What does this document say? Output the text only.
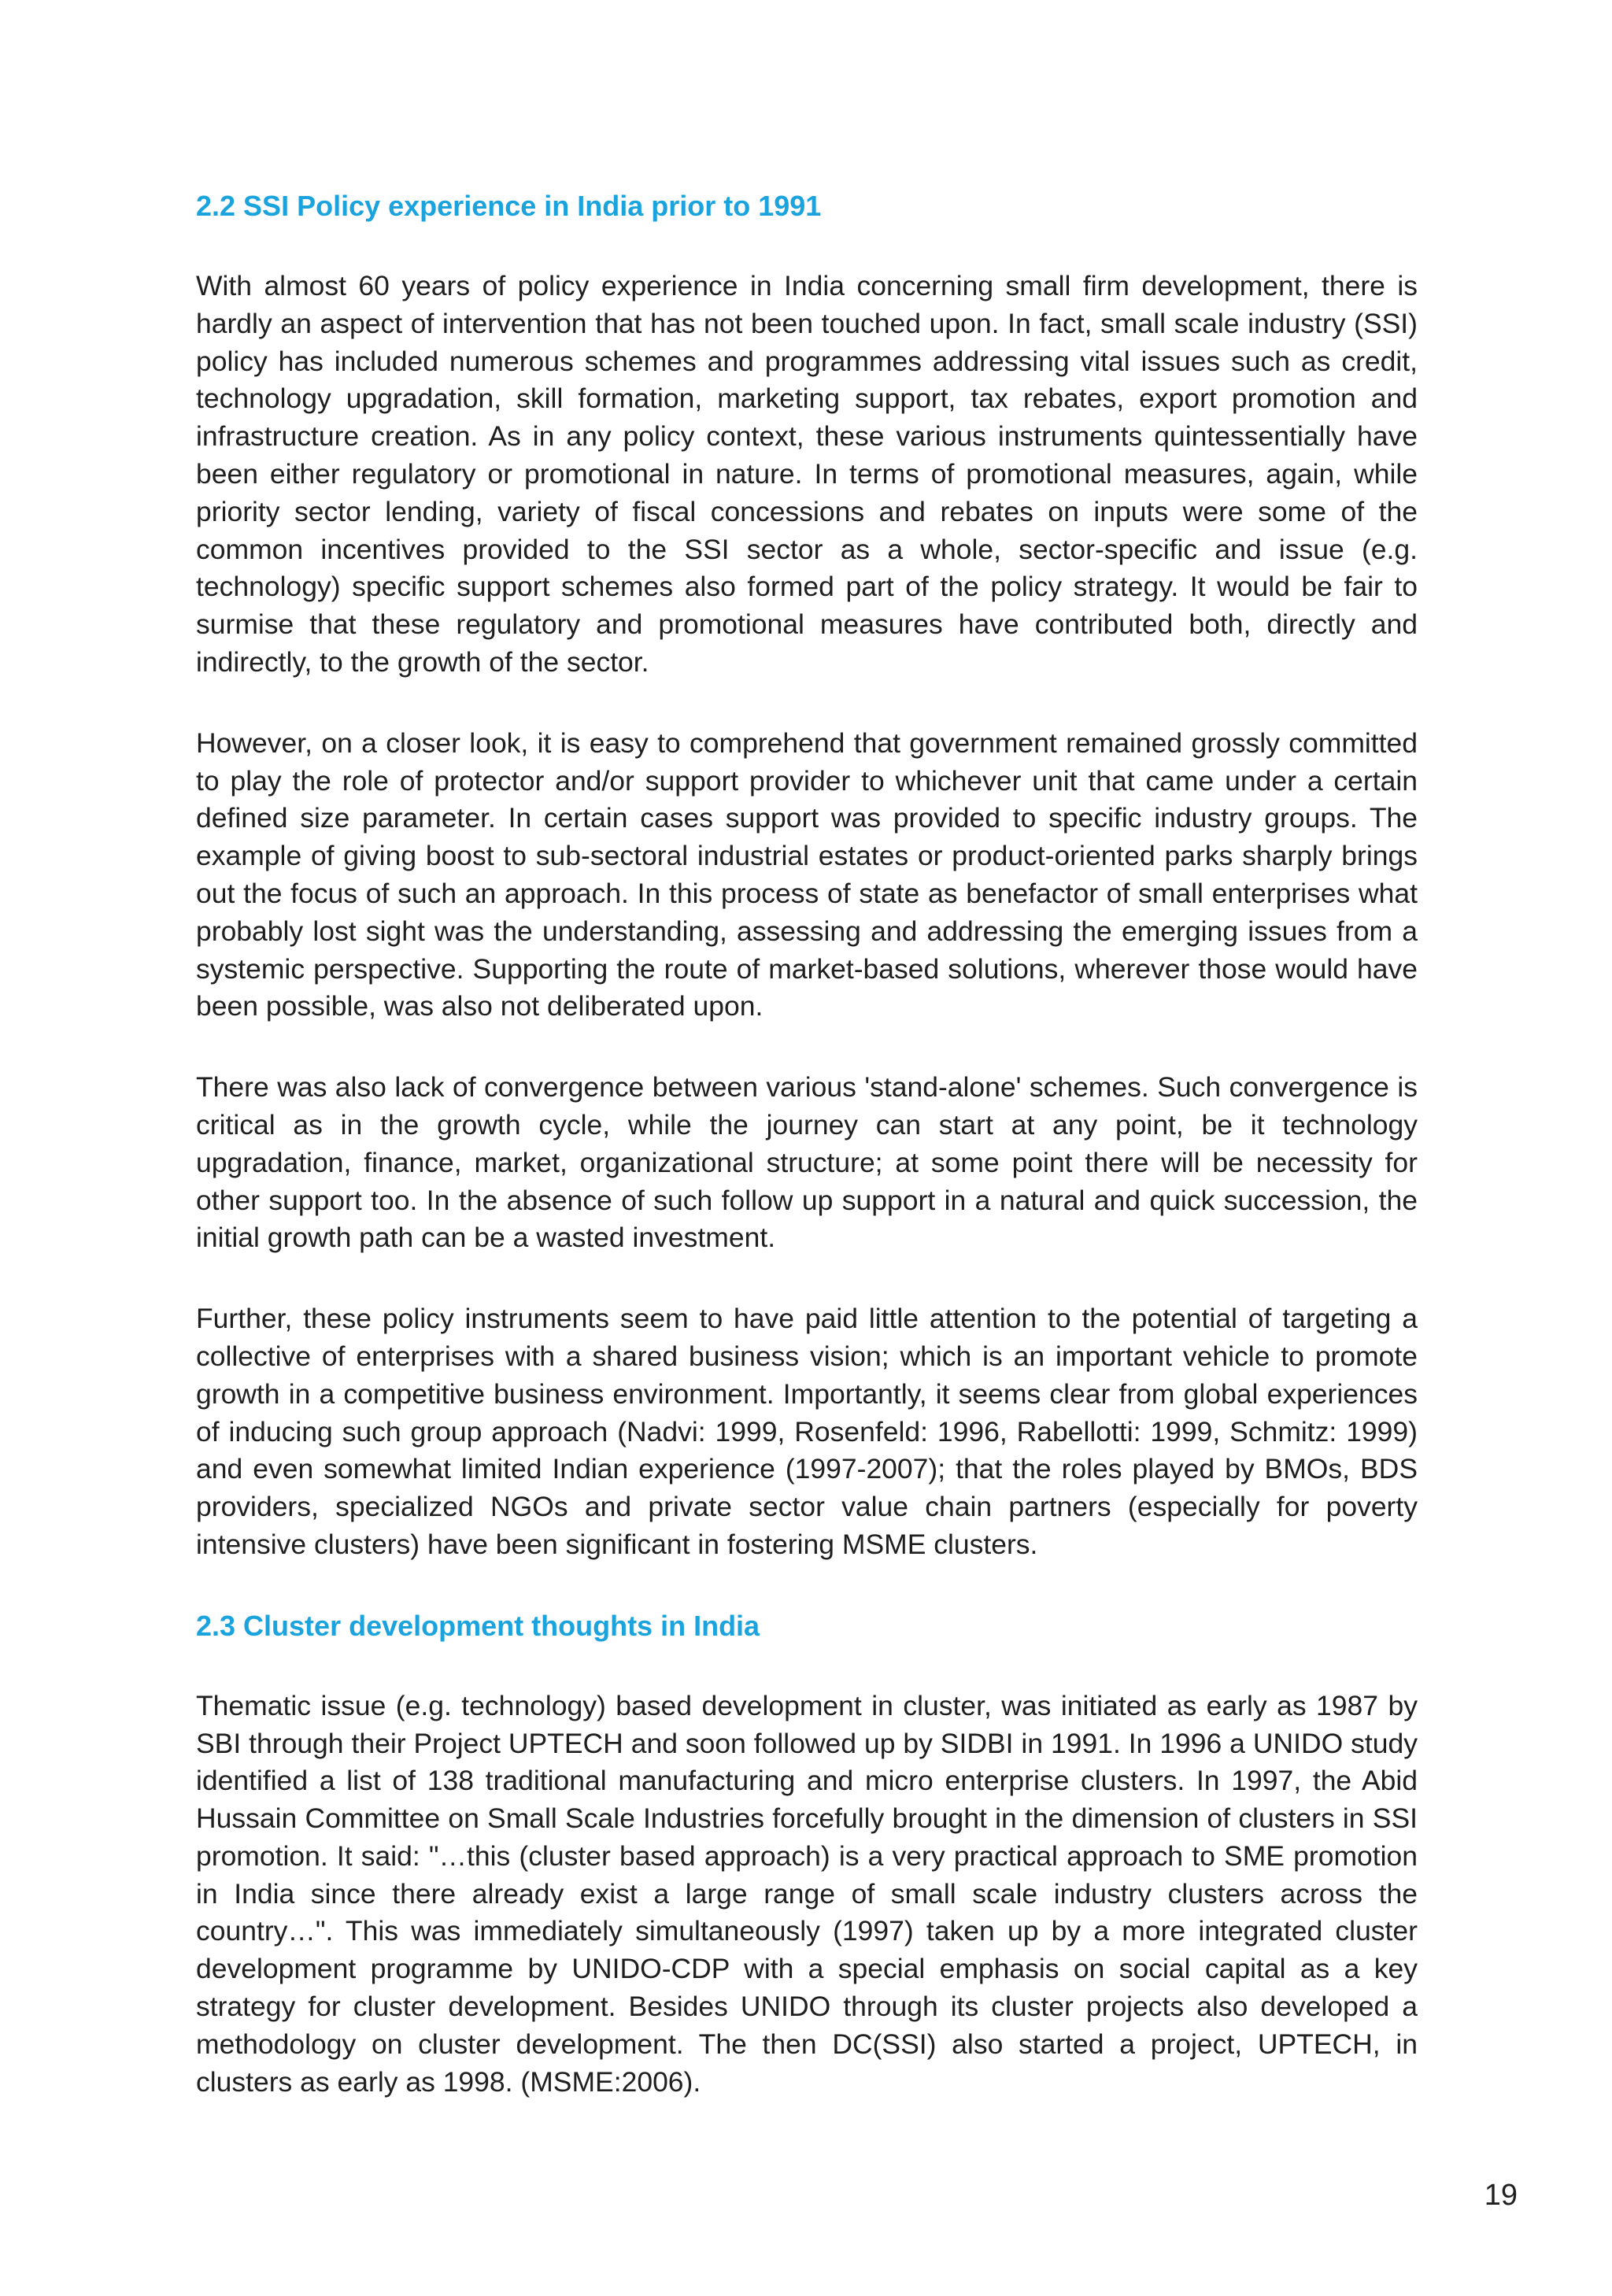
2.2 SSI Policy experience in India prior to 1991

With almost 60 years of policy experience in India concerning small firm development, there is hardly an aspect of intervention that has not been touched upon. In fact, small scale industry (SSI) policy has included numerous schemes and programmes addressing vital issues such as credit, technology upgradation, skill formation, marketing support, tax rebates, export promotion and infrastructure creation. As in any policy context, these various instruments quintessentially have been either regulatory or promotional in nature. In terms of promotional measures, again, while priority sector lending, variety of fiscal concessions and rebates on inputs were some of the common incentives provided to the SSI sector as a whole, sector-specific and issue (e.g. technology) specific support schemes also formed part of the policy strategy. It would be fair to surmise that these regulatory and promotional measures have contributed both, directly and indirectly, to the growth of the sector.

However, on a closer look, it is easy to comprehend that government remained grossly committed to play the role of protector and/or support provider to whichever unit that came under a certain defined size parameter. In certain cases support was provided to specific industry groups. The example of giving boost to sub-sectoral industrial estates or product-oriented parks sharply brings out the focus of such an approach. In this process of state as benefactor of small enterprises what probably lost sight was the understanding, assessing and addressing the emerging issues from a systemic perspective. Supporting the route of market-based solutions, wherever those would have been possible, was also not deliberated upon.

There was also lack of convergence between various 'stand-alone' schemes. Such convergence is critical as in the growth cycle, while the journey can start at any point, be it technology upgradation, finance, market, organizational structure; at some point there will be necessity for other support too. In the absence of such follow up support in a natural and quick succession, the initial growth path can be a wasted investment.

Further, these policy instruments seem to have paid little attention to the potential of targeting a collective of enterprises with a shared business vision; which is an important vehicle to promote growth in a competitive business environment. Importantly, it seems clear from global experiences of inducing such group approach (Nadvi: 1999, Rosenfeld: 1996, Rabellotti: 1999, Schmitz: 1999) and even somewhat limited Indian experience (1997-2007); that the roles played by BMOs, BDS providers, specialized NGOs and private sector value chain partners (especially for poverty intensive clusters) have been significant in fostering MSME clusters.

2.3 Cluster development thoughts in India

Thematic issue (e.g. technology) based development in cluster, was initiated as early as 1987 by SBI through their Project UPTECH and soon followed up by SIDBI in 1991. In 1996 a UNIDO study identified a list of 138 traditional manufacturing and micro enterprise clusters. In 1997, the Abid Hussain Committee on Small Scale Industries forcefully brought in the dimension of clusters in SSI promotion. It said: "…this (cluster based approach) is a very practical approach to SME promotion in India since there already exist a large range of small scale industry clusters across the country…". This was immediately simultaneously (1997) taken up by a more integrated cluster development programme by UNIDO-CDP with a special emphasis on social capital as a key strategy for cluster development. Besides UNIDO through its cluster projects also developed a methodology on cluster development. The then DC(SSI) also started a project, UPTECH, in clusters as early as 1998. (MSME:2006).

19
